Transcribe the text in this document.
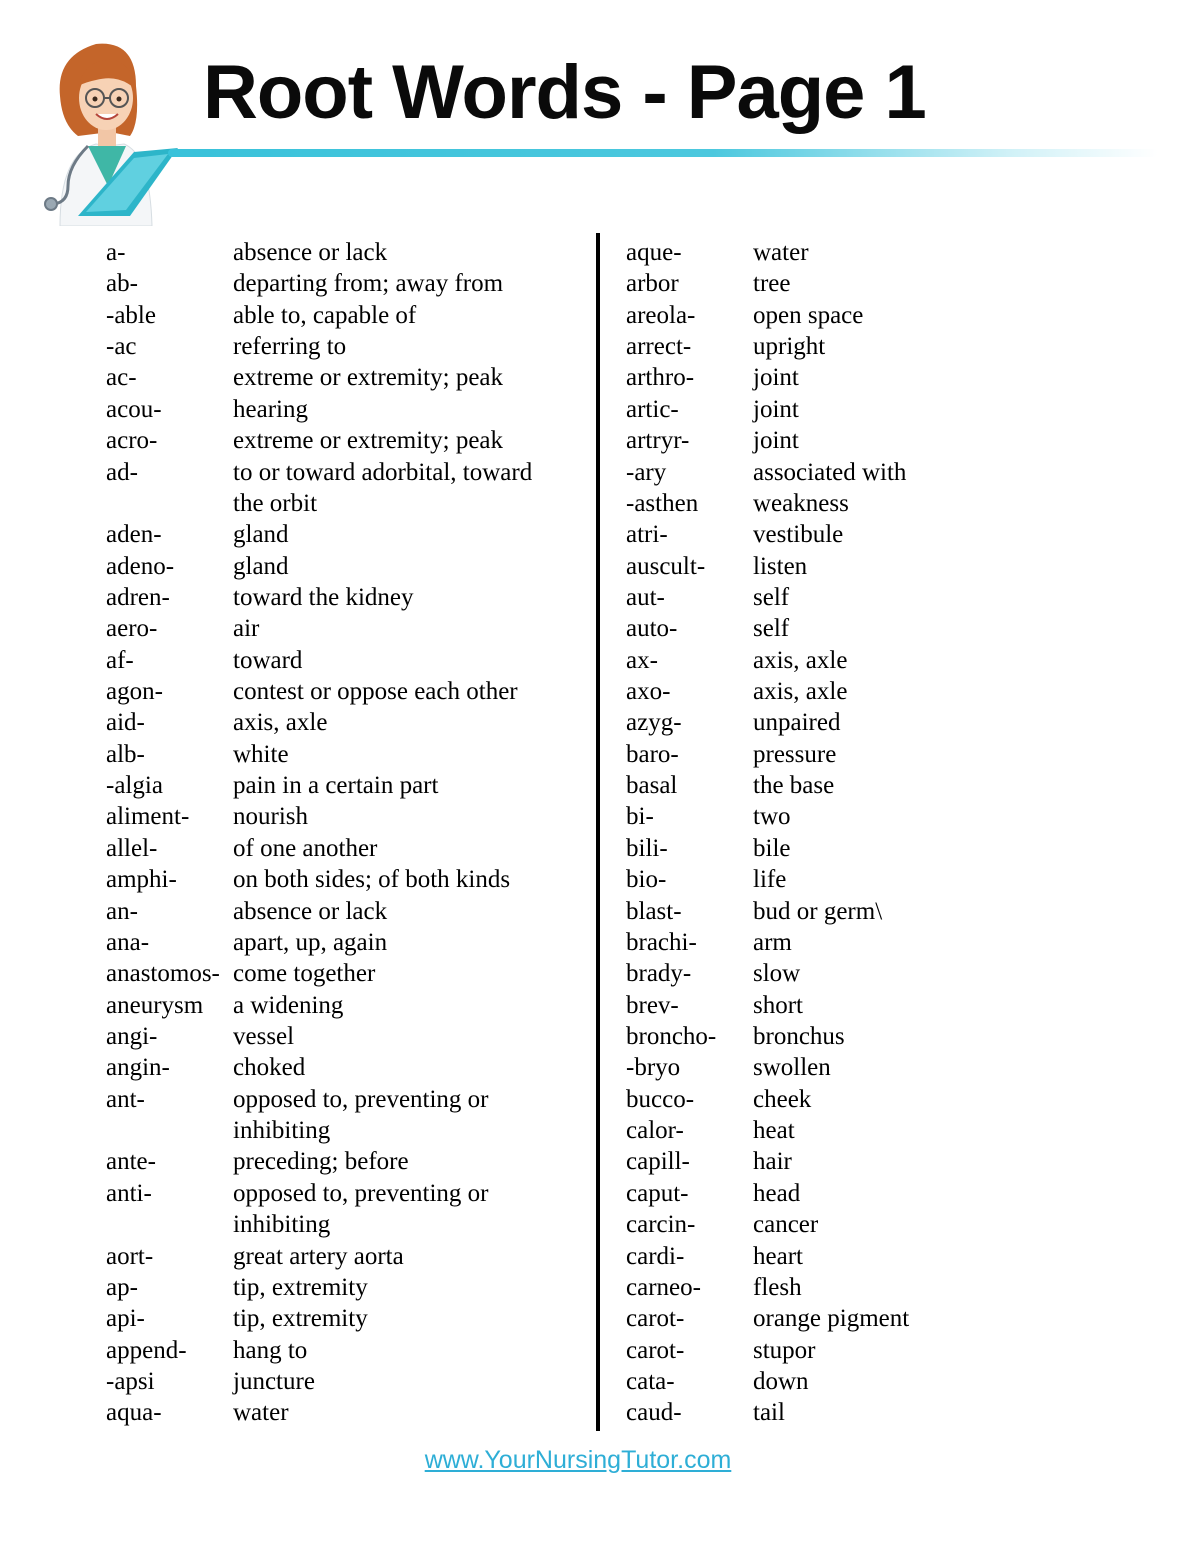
Root Words - Page 1
a-	absence or lack
ab-	departing from; away from
-able	able to, capable of
-ac	referring to
ac-	extreme or extremity; peak
acou-	hearing
acro-	extreme or extremity; peak
ad-	to or toward adorbital, toward
the orbit
aden-	gland
adeno-	gland
adren-	toward the kidney
aero-	air
af-	toward
agon-	contest or oppose each other
aid-	axis, axle
alb-	white
-algia	pain in a certain part
aliment-	nourish
allel-	of one another
amphi-	on both sides; of both kinds
an-	absence or lack
ana-	apart, up, again
anastomos- come together
aneurysm	a widening
angi-	vessel
angin-	choked
ant-	opposed to, preventing or
inhibiting
ante-	preceding; before
anti-	opposed to, preventing or
inhibiting
aort-	great artery aorta
ap-	tip, extremity
api-	tip, extremity
append-	hang to
-apsi	juncture
aqua-	water
aque-	water
arbor	tree
areola-	open space
arrect-	upright
arthro-	joint
artic-	joint
artryr-	joint
-ary	associated with
-asthen	weakness
atri-	vestibule
auscult-	listen
aut-	self
auto-	self
ax-	axis, axle
axo-	axis, axle
azyg-	unpaired
baro-	pressure
basal	the base
bi-	two
bili-	bile
bio-	life
blast-	bud or germ\
brachi-	arm
brady-	slow
brev-	short
broncho-	bronchus
-bryo	swollen
bucco-	cheek
calor-	heat
capill-	hair
caput-	head
carcin-	cancer
cardi-	heart
carneo-	flesh
carot-	orange pigment
carot-	stupor
cata-	down
caud-	tail
www.YourNursingTutor.com
